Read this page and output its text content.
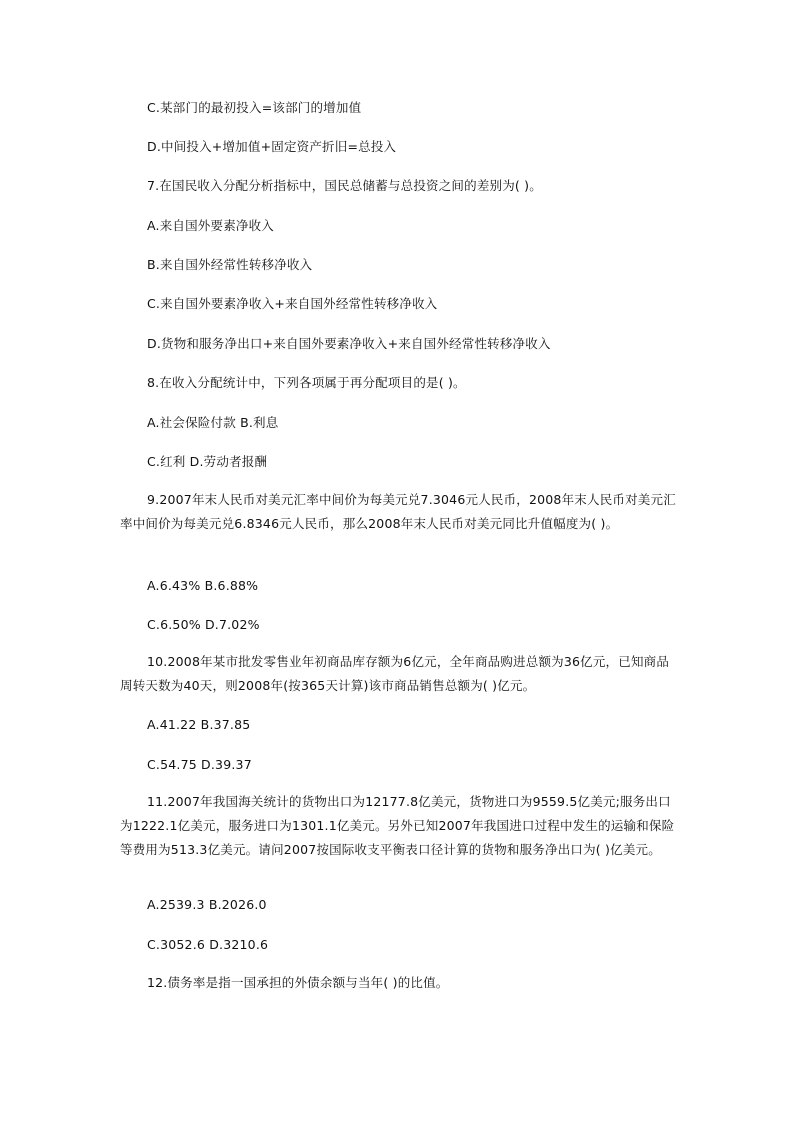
C.某部门的最初投入=该部门的增加值
D.中间投入+增加值+固定资产折旧=总投入
7.在国民收入分配分析指标中，国民总储蓄与总投资之间的差别为( )。
A.来自国外要素净收入
B.来自国外经常性转移净收入
C.来自国外要素净收入+来自国外经常性转移净收入
D.货物和服务净出口+来自国外要素净收入+来自国外经常性转移净收入
8.在收入分配统计中，下列各项属于再分配项目的是( )。
A.社会保险付款 B.利息
C.红利 D.劳动者报酬
9.2007年末人民币对美元汇率中间价为每美元兑7.3046元人民币，2008年末人民币对美元汇率中间价为每美元兑6.8346元人民币，那么2008年末人民币对美元同比升值幅度为( )。
A.6.43% B.6.88%
C.6.50% D.7.02%
10.2008年某市批发零售业年初商品库存额为6亿元，全年商品购进总额为36亿元，已知商品周转天数为40天，则2008年(按365天计算)该市商品销售总额为( )亿元。
A.41.22 B.37.85
C.54.75 D.39.37
11.2007年我国海关统计的货物出口为12177.8亿美元，货物进口为9559.5亿美元;服务出口为1222.1亿美元，服务进口为1301.1亿美元。另外已知2007年我国进口过程中发生的运输和保险等费用为513.3亿美元。请问2007按国际收支平衡表口径计算的货物和服务净出口为( )亿美元。
A.2539.3 B.2026.0
C.3052.6 D.3210.6
12.债务率是指一国承担的外债余额与当年( )的比值。
